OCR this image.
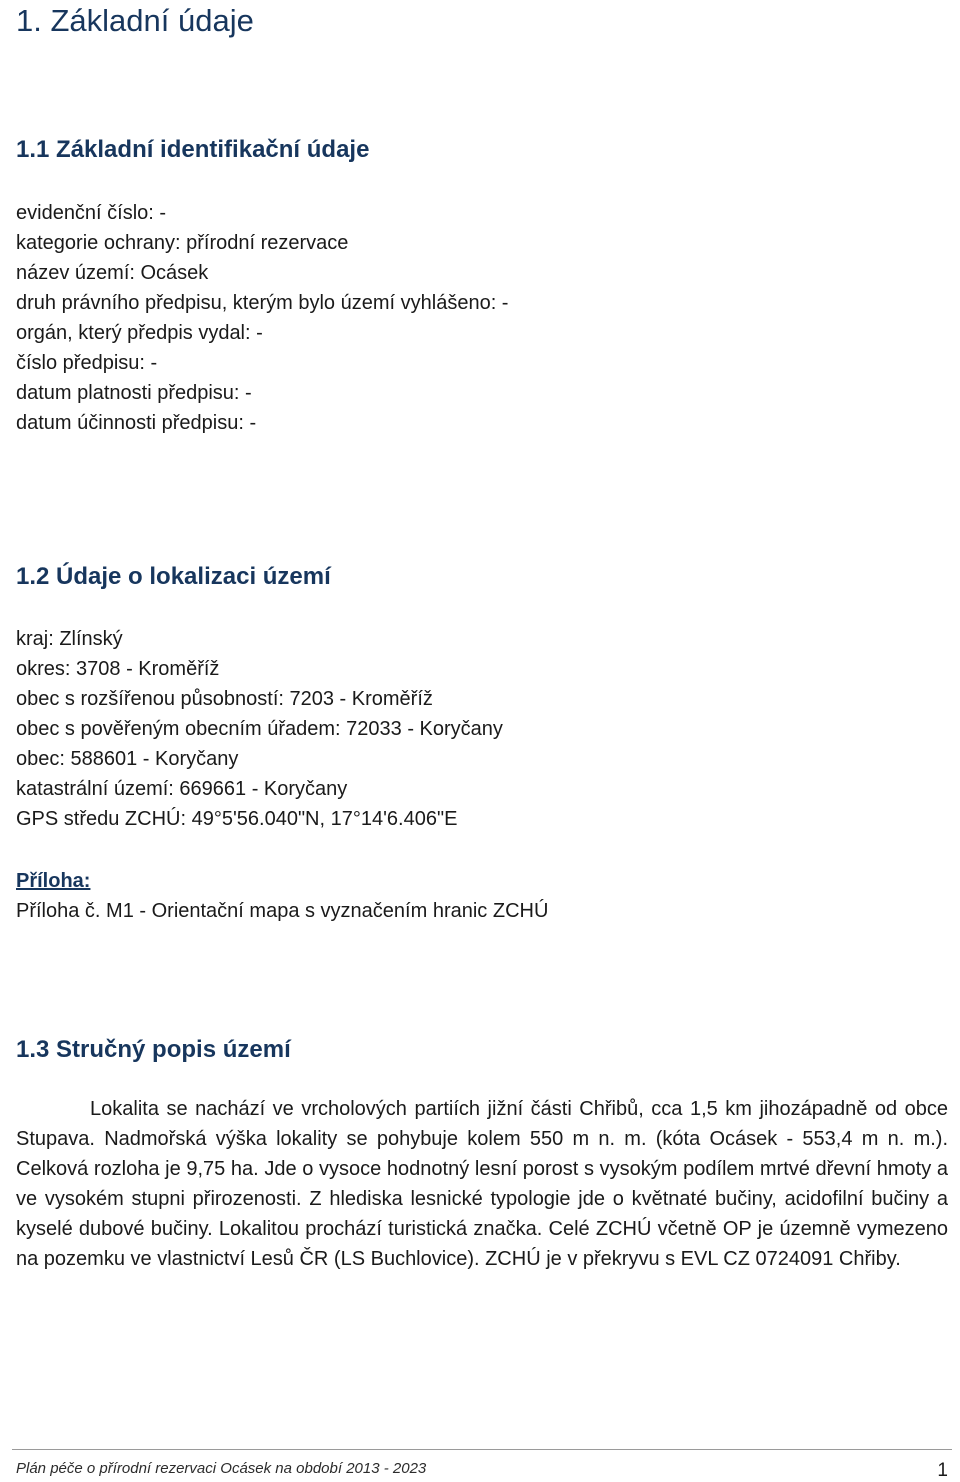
1. Základní údaje
1.1 Základní identifikační údaje
evidenční číslo: -
kategorie ochrany: přírodní rezervace
název území: Ocásek
druh právního předpisu, kterým bylo území vyhlášeno: -
orgán, který předpis vydal: -
číslo předpisu: -
datum platnosti předpisu: -
datum účinnosti předpisu: -
1.2 Údaje o lokalizaci území
kraj: Zlínský
okres: 3708 - Kroměříž
obec s rozšířenou působností: 7203 - Kroměříž
obec s pověřeným obecním úřadem: 72033 - Koryčany
obec: 588601 - Koryčany
katastrální území: 669661 - Koryčany
GPS středu ZCHÚ: 49°5'56.040"N, 17°14'6.406"E

Příloha:

Příloha č. M1 - Orientační mapa s vyznačením hranic ZCHÚ

1.3 Stručný popis území

Lokalita se nachází ve vrcholových partiích jižní části Chřibů, cca 1,5 km jihozápadně od obce Stupava. Nadmořská výška lokality se pohybuje kolem 550 m n. m. (kóta Ocásek - 553,4 m n. m.). Celková rozloha je 9,75 ha. Jde o vysoce hodnotný lesní porost s vysokým podílem mrtvé dřevní hmoty a ve vysokém stupni přirozenosti. Z hlediska lesnické typologie jde o květnaté bučiny, acidofilní bučiny a kyselé dubové bučiny. Lokalitou prochází turistická značka. Celé ZCHÚ včetně OP je územně vymezeno na pozemku ve vlastnictví Lesů ČR (LS Buchlovice). ZCHÚ je v překryvu s EVL CZ 0724091 Chřiby.

Plán péče o přírodní rezervaci Ocásek na období 2013 - 2023	1
